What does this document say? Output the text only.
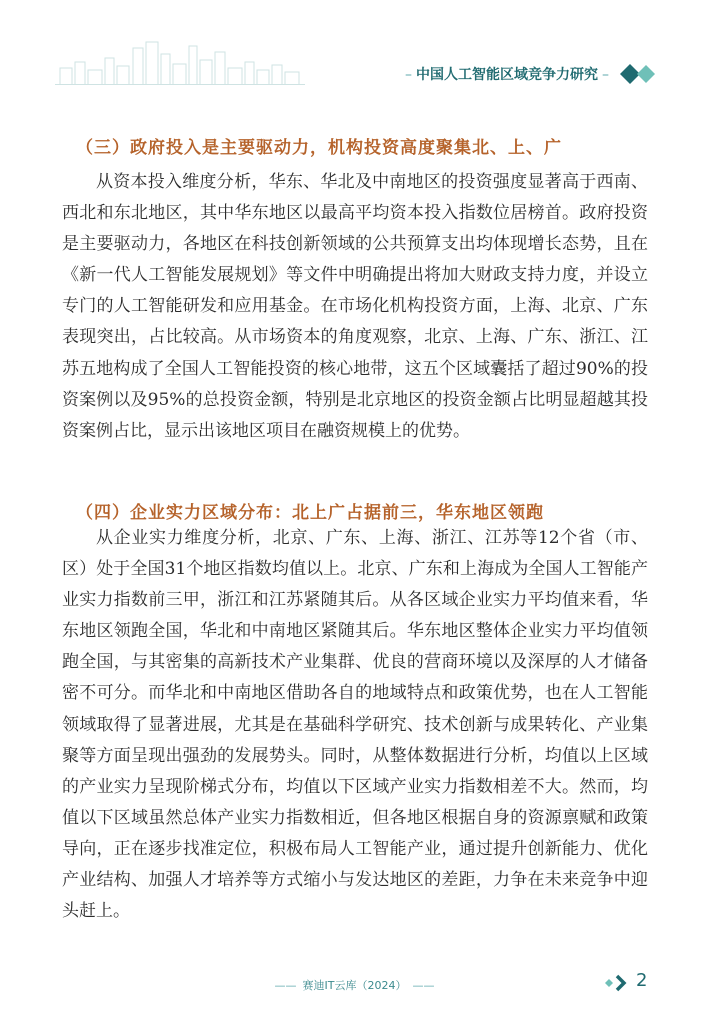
– 中国人工智能区域竞争力研究 –
（三）政府投入是主要驱动力，机构投资高度聚集北、上、广

从资本投入维度分析，华东、华北及中南地区的投资强度显著高于西南、西北和东北地区，其中华东地区以最高平均资本投入指数位居榜首。政府投资是主要驱动力，各地区在科技创新领域的公共预算支出均体现增长态势，且在《新一代人工智能发展规划》等文件中明确提出将加大财政支持力度，并设立专门的人工智能研发和应用基金。在市场化机构投资方面，上海、北京、广东表现突出，占比较高。从市场资本的角度观察，北京、上海、广东、浙江、江苏五地构成了全国人工智能投资的核心地带，这五个区域囊括了超过90%的投资案例以及95%的总投资金额，特别是北京地区的投资金额占比明显超越其投资案例占比，显示出该地区项目在融资规模上的优势。

（四）企业实力区域分布：北上广占据前三，华东地区领跑

从企业实力维度分析，北京、广东、上海、浙江、江苏等12个省（市、区）处于全国31个地区指数均值以上。北京、广东和上海成为全国人工智能产业实力指数前三甲，浙江和江苏紧随其后。从各区域企业实力平均值来看，华东地区领跑全国，华北和中南地区紧随其后。华东地区整体企业实力平均值领跑全国，与其密集的高新技术产业集群、优良的营商环境以及深厚的人才储备密不可分。而华北和中南地区借助各自的地域特点和政策优势，也在人工智能领域取得了显著进展，尤其是在基础科学研究、技术创新与成果转化、产业集聚等方面呈现出强劲的发展势头。同时，从整体数据进行分析，均值以上区域的产业实力呈现阶梯式分布，均值以下区域产业实力指数相差不大。然而，均值以下区域虽然总体产业实力指数相近，但各地区根据自身的资源禀赋和政策导向，正在逐步找准定位，积极布局人工智能产业，通过提升创新能力、优化产业结构、加强人才培养等方式缩小与发达地区的差距，力争在未来竞争中迎头赶上。

—— 赛迪IT云库（2024） ——	2
